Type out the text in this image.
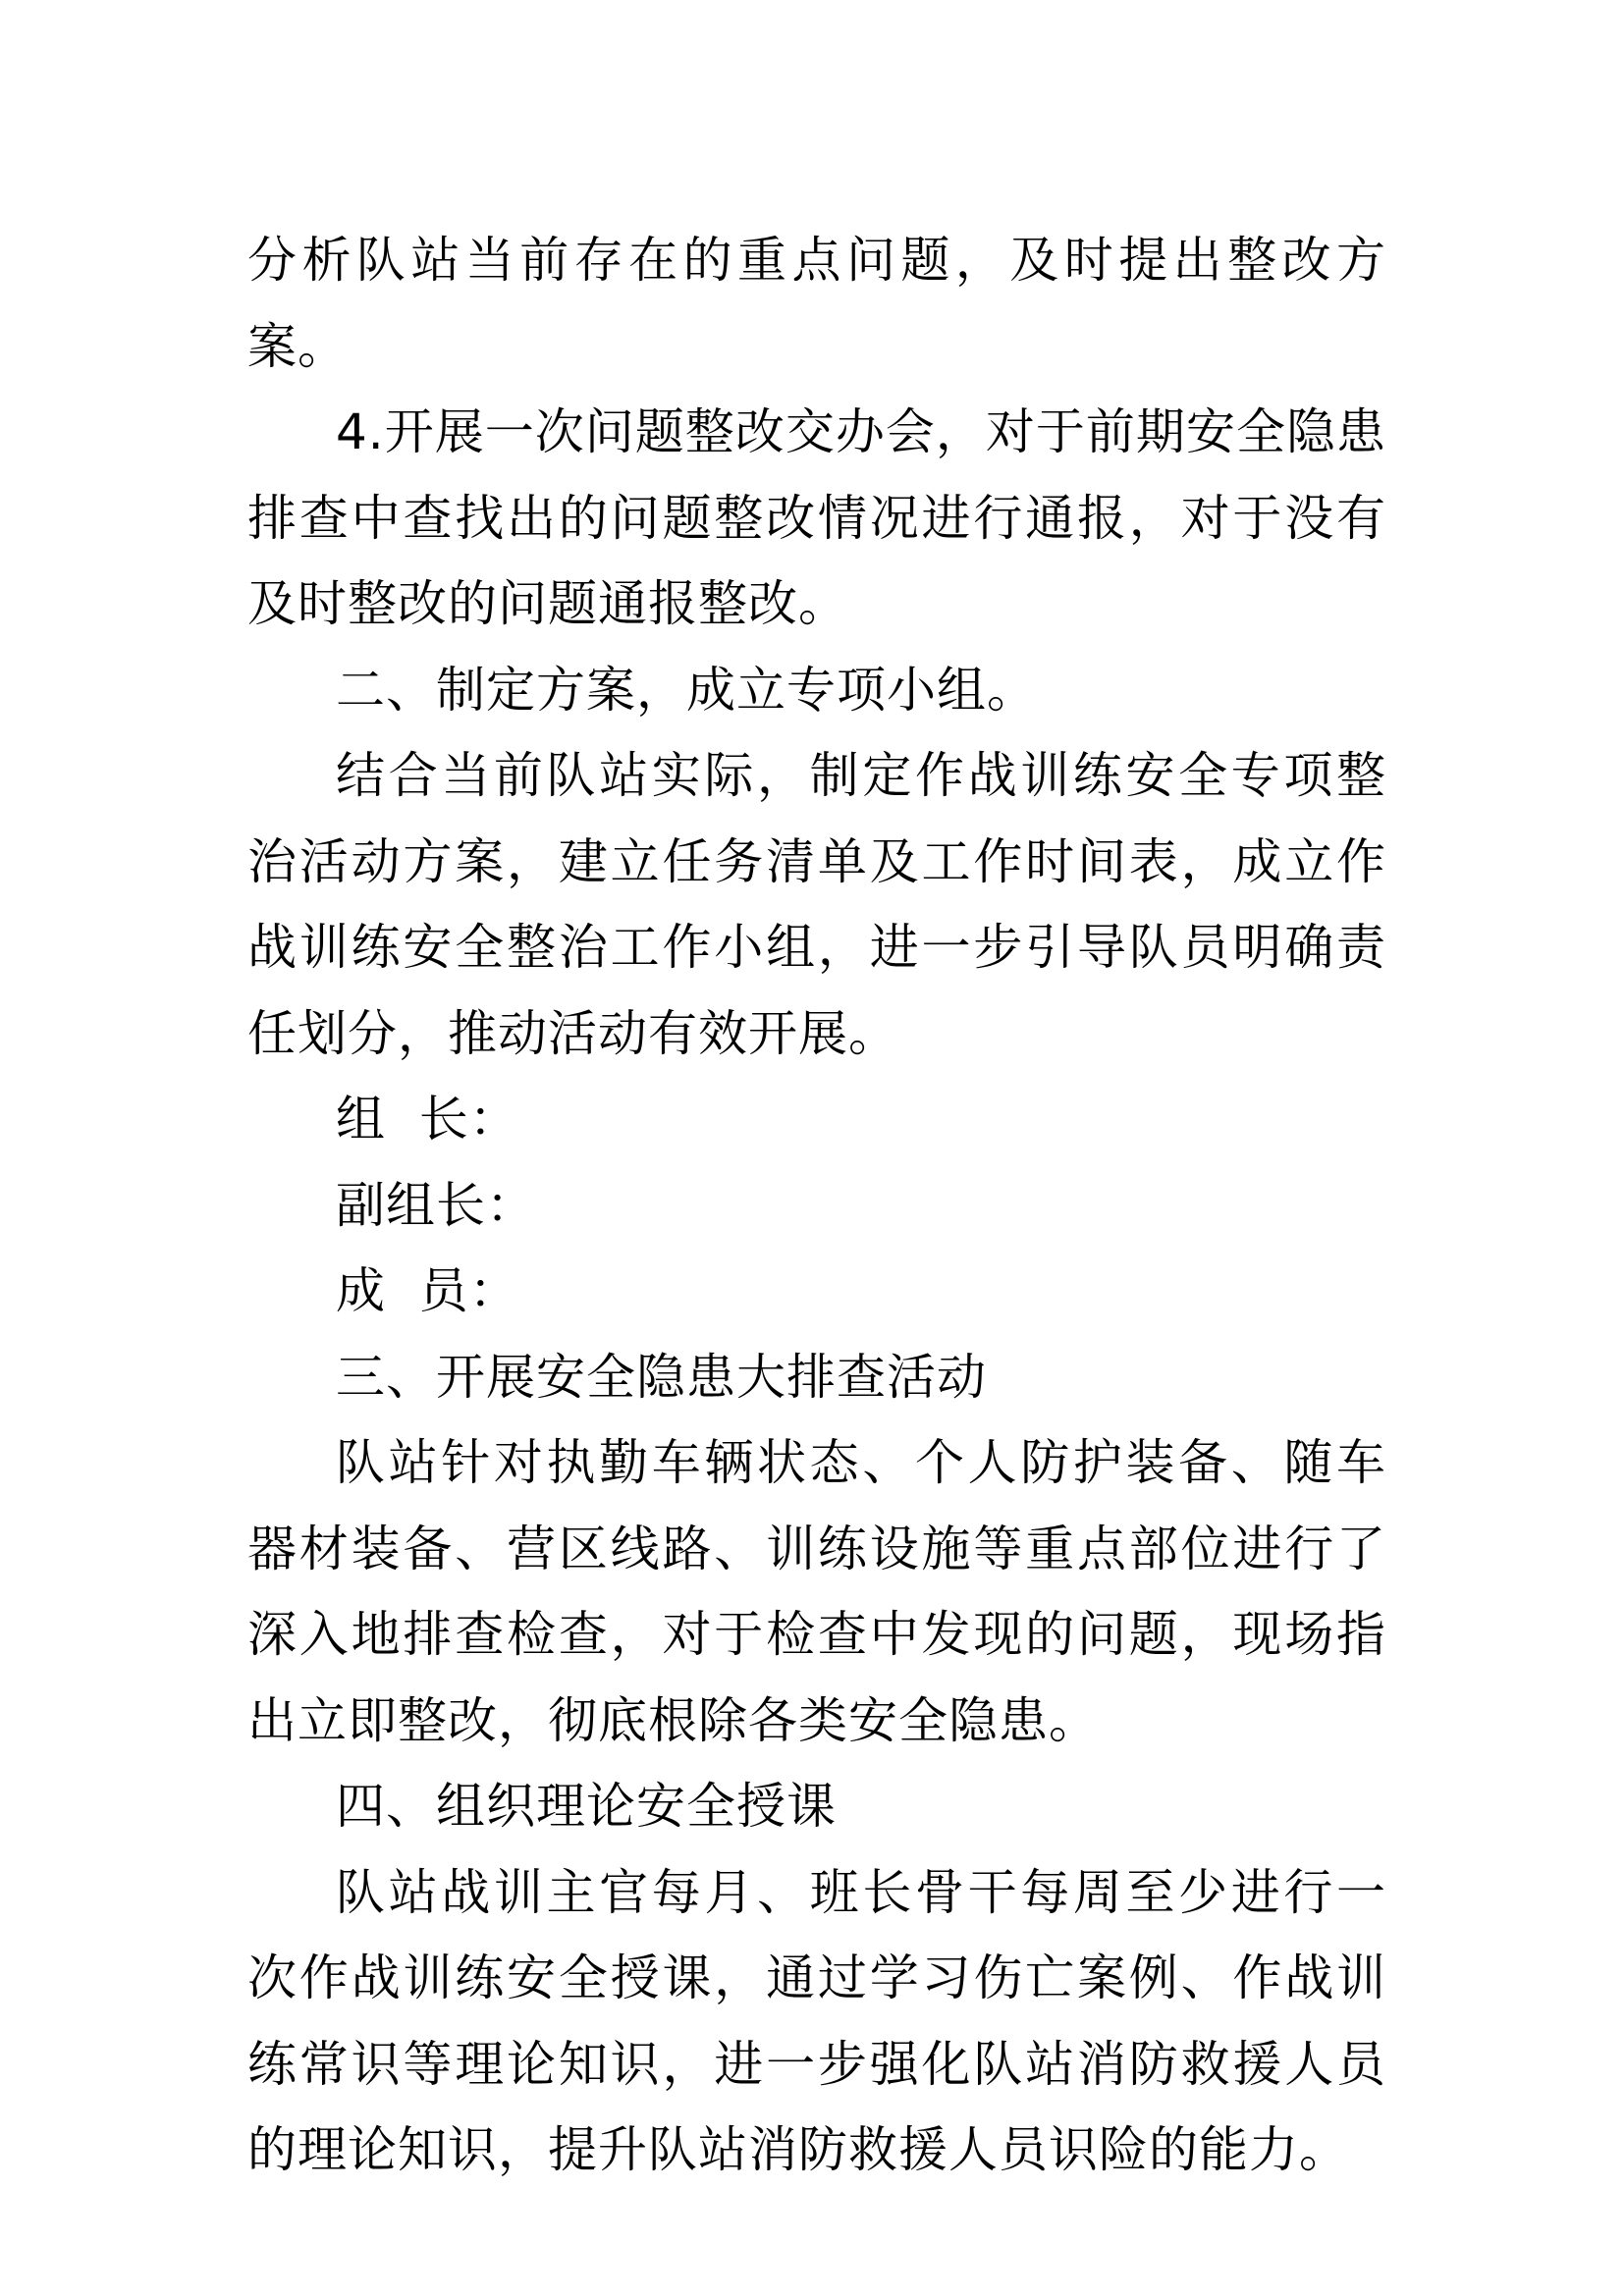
分析队站当前存在的重点问题，及时提出整改方案。

4.开展一次问题整改交办会，对于前期安全隐患排查中查找出的问题整改情况进行通报，对于没有及时整改的问题通报整改。

二、制定方案，成立专项小组。

结合当前队站实际，制定作战训练安全专项整治活动方案，建立任务清单及工作时间表，成立作战训练安全整治工作小组，进一步引导队员明确责任划分，推动活动有效开展。

组  长：

副组长：

成  员：

三、开展安全隐患大排查活动

队站针对执勤车辆状态、个人防护装备、随车器材装备、营区线路、训练设施等重点部位进行了深入地排查检查，对于检查中发现的问题，现场指出立即整改，彻底根除各类安全隐患。

四、组织理论安全授课

队站战训主官每月、班长骨干每周至少进行一次作战训练安全授课，通过学习伤亡案例、作战训练常识等理论知识，进一步强化队站消防救援人员的理论知识，提升队站消防救援人员识险的能力。
